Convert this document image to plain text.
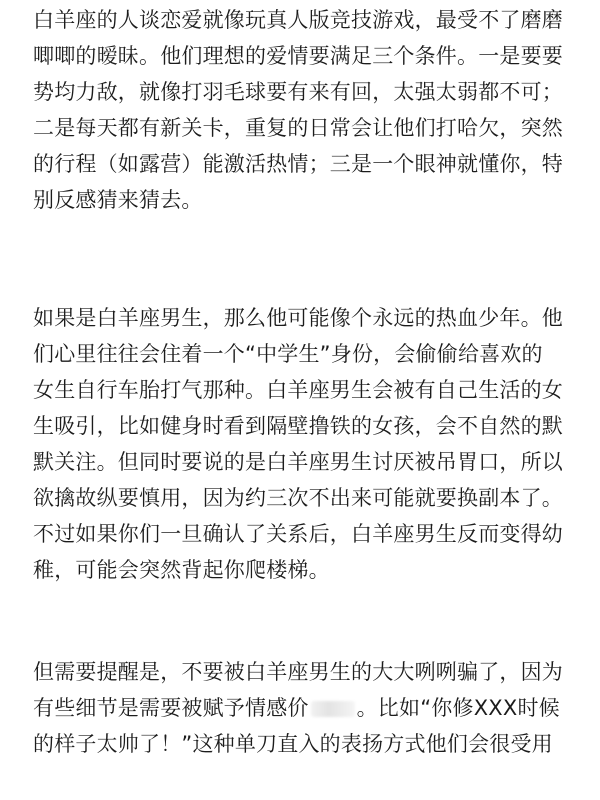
白羊座的人谈恋爱就像玩真人版竞技游戏，最受不了磨磨
唧唧的暧昧。他们理想的爱情要满足三个条件。一是要要
势均力敌，就像打羽毛球要有来有回，太强太弱都不可；
二是每天都有新关卡，重复的日常会让他们打哈欠，突然
的行程（如露营）能激活热情；三是一个眼神就懂你，特
别反感猜来猜去。
如果是白羊座男生，那么他可能像个永远的热血少年。他
们心里往往会住着一个“中学生”身份，会偷偷给喜欢的
女生自行车胎打气那种。白羊座男生会被有自己生活的女
生吸引，比如健身时看到隔壁撸铁的女孩，会不自然的默
默关注。但同时要说的是白羊座男生讨厌被吊胃口，所以
欲擒故纵要慎用，因为约三次不出来可能就要换副本了。
不过如果你们一旦确认了关系后，白羊座男生反而变得幼
稚，可能会突然背起你爬楼梯。
但需要提醒是，不要被白羊座男生的大大咧咧骗了，因为
有些细节是需要被赋予情感价 。比如“你修XXX时候
的样子太帅了！”这种单刀直入的表扬方式他们会很受用
